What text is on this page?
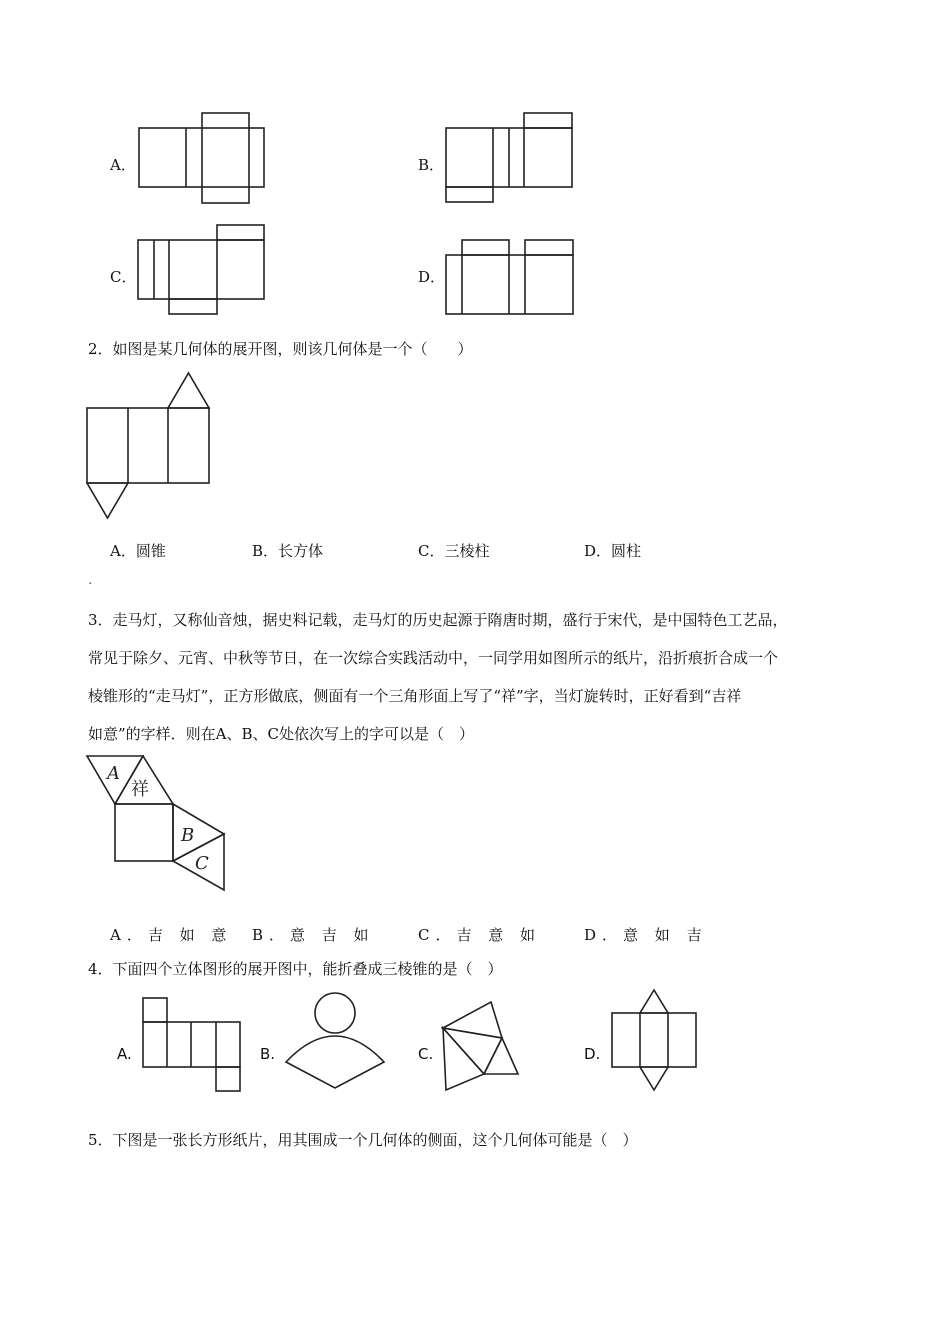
A．	B．
C．	D．
2．如图是某几何体的展开图，则该几何体是一个（　　）
A．圆锥	B．长方体	C．三棱柱	D．圆柱
·
3．走马灯，又称仙音烛，据史料记载，走马灯的历史起源于隋唐时期，盛行于宋代，是中国特色工艺品，
常见于除夕、元宵、中秋等节日，在一次综合实践活动中，一同学用如图所示的纸片，沿折痕折合成一个
棱锥形的“走马灯”，正方形做底，侧面有一个三角形面上写了“祥”字，当灯旋转时，正好看到“吉祥
如意”的字样．则在A、B、C处依次写上的字可以是（　）
A
祥
B
C
A．吉 如 意 B．意 吉 如	C．吉 意 如	D．意 如 吉
4．下面四个立体图形的展开图中，能折叠成三棱锥的是（　）
A.	B.	C.	D.
5．下图是一张长方形纸片，用其围成一个几何体的侧面，这个几何体可能是（　）
